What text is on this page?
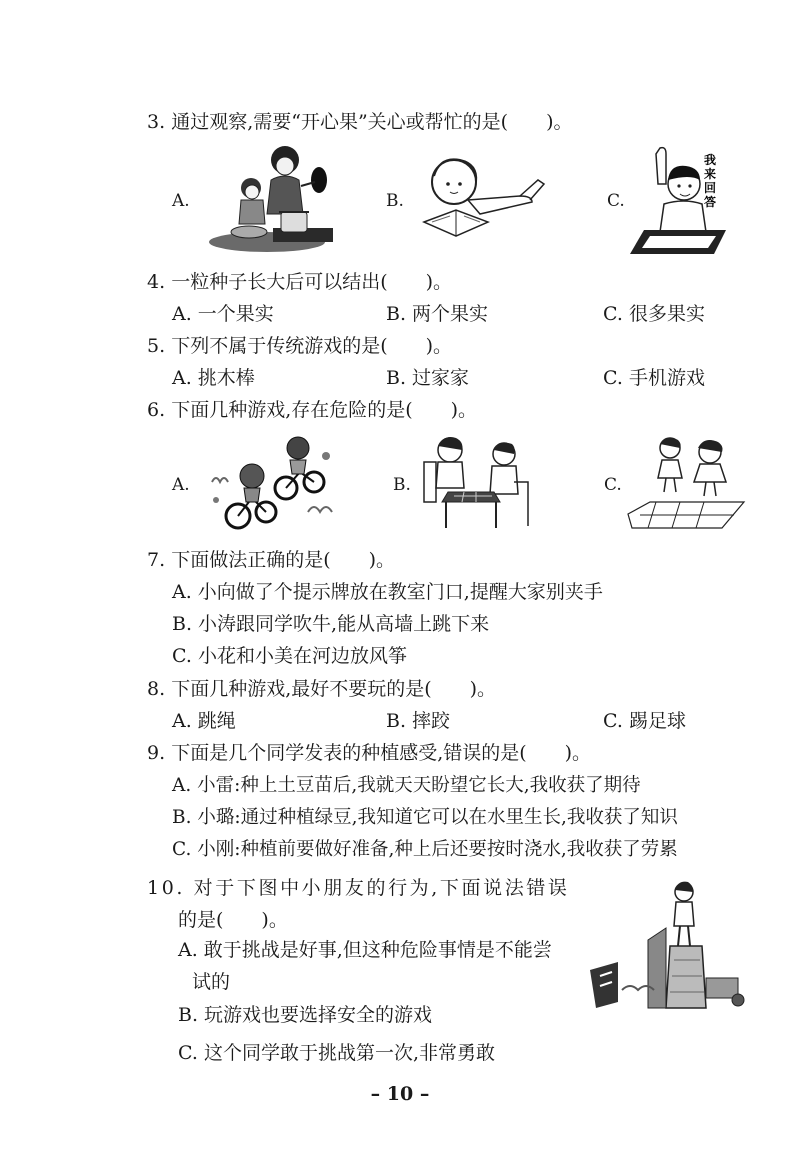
3. 通过观察,需要“开心果”关心或帮忙的是(　　)。
A.	B.	C.
我
来
回
答
4. 一粒种子长大后可以结出(　　)。
A. 一个果实	B. 两个果实	C. 很多果实
5. 下列不属于传统游戏的是(　　)。
A. 挑木棒	B. 过家家	C. 手机游戏
6. 下面几种游戏,存在危险的是(　　)。
A.	B.	C.
7. 下面做法正确的是(　　)。
A. 小向做了个提示牌放在教室门口,提醒大家别夹手
B. 小涛跟同学吹牛,能从高墙上跳下来
C. 小花和小美在河边放风筝
8. 下面几种游戏,最好不要玩的是(　　)。
A. 跳绳	B. 摔跤	C. 踢足球
9. 下面是几个同学发表的种植感受,错误的是(　　)。
A. 小雷:种上土豆苗后,我就天天盼望它长大,我收获了期待
B. 小璐:通过种植绿豆,我知道它可以在水里生长,我收获了知识
C. 小刚:种植前要做好准备,种上后还要按时浇水,我收获了劳累
10. 对于下图中小朋友的行为,下面说法错误
的是(　　)。
A. 敢于挑战是好事,但这种危险事情是不能尝
试的
B. 玩游戏也要选择安全的游戏
C. 这个同学敢于挑战第一次,非常勇敢
– 10 –
